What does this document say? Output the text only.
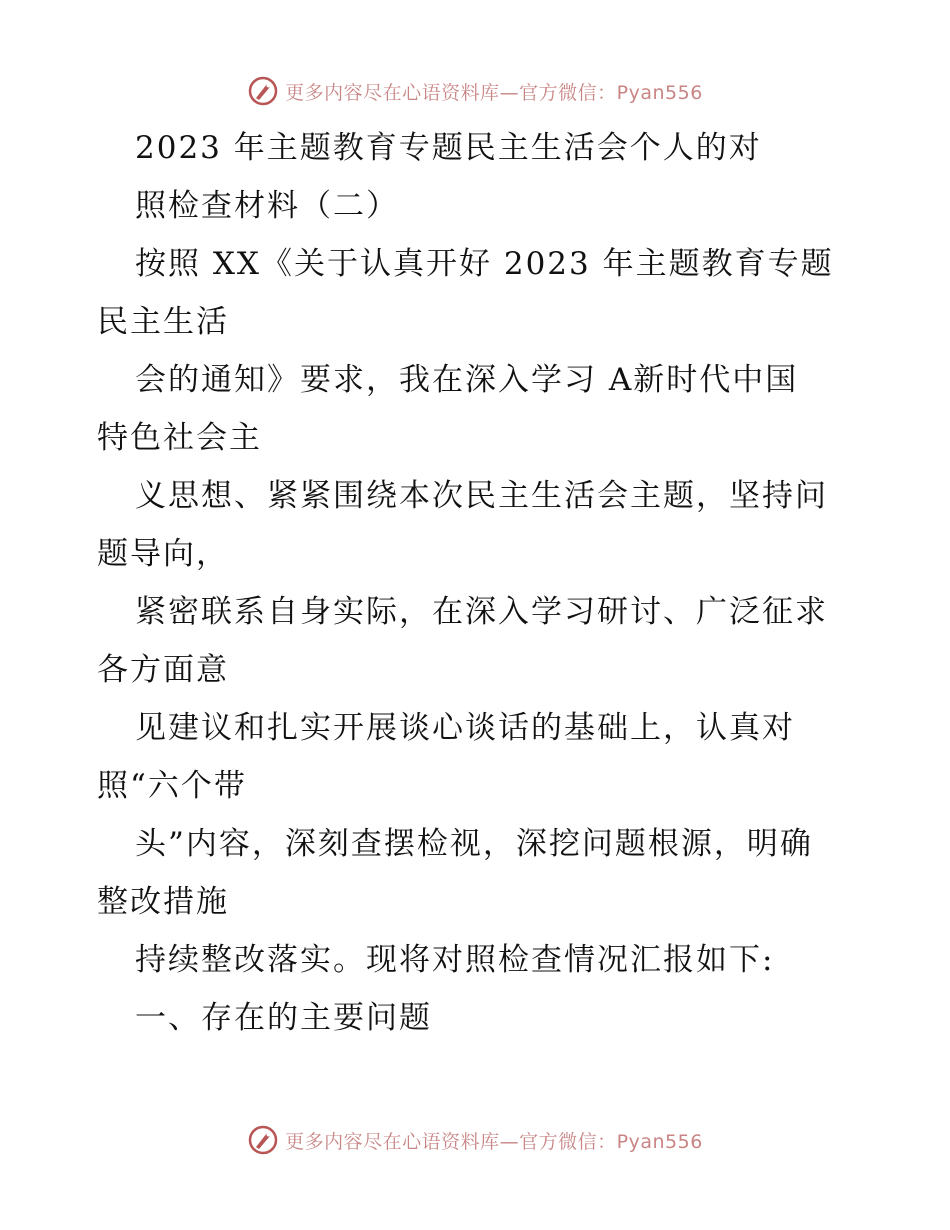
更多内容尽在心语资料库—官方微信：Pyan556
2023 年主题教育专题民主生活会个人的对
照检查材料（二）
按照 XX《关于认真开好 2023 年主题教育专题
民主生活
会的通知》要求，我在深入学习 A新时代中国
特色社会主
义思想、紧紧围绕本次民主生活会主题，坚持问
题导向，
紧密联系自身实际，在深入学习研讨、广泛征求
各方面意
见建议和扎实开展谈心谈话的基础上，认真对
照“六个带
头”内容，深刻查摆检视，深挖问题根源，明确
整改措施
持续整改落实。现将对照检查情况汇报如下:
一、存在的主要问题
更多内容尽在心语资料库—官方微信：Pyan556
